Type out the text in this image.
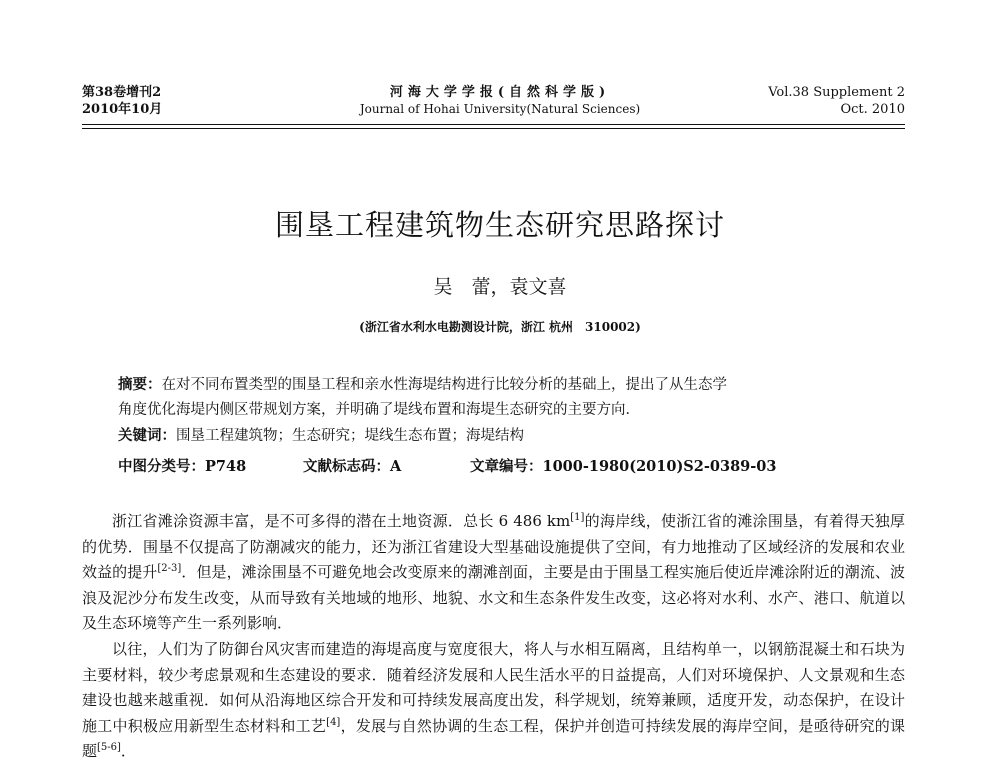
第38卷增刊2
2010年10月
河海大学学报(自然科学版)
Journal of Hohai University(Natural Sciences)
Vol.38 Supplement 2
Oct. 2010
围垦工程建筑物生态研究思路探讨
吴　蕾，袁文喜
(浙江省水利水电勘测设计院，浙江 杭州　310002)

摘要：在对不同布置类型的围垦工程和亲水性海堤结构进行比较分析的基础上，提出了从生态学

角度优化海堤内侧区带规划方案，并明确了堤线布置和海堤生态研究的主要方向．

关键词：围垦工程建筑物；生态研究；堤线生态布置；海堤结构

中图分类号：P748	文献标志码：A	文章编号：1000-1980(2010)S2-0389-03

浙江省滩涂资源丰富，是不可多得的潜在土地资源．总长 6 486 km[1]的海岸线，使浙江省的滩涂围垦，有着得天独厚的优势．围垦不仅提高了防潮减灾的能力，还为浙江省建设大型基础设施提供了空间，有力地推动了区域经济的发展和农业效益的提升[2-3]．但是，滩涂围垦不可避免地会改变原来的潮滩剖面，主要是由于围垦工程实施后使近岸滩涂附近的潮流、波浪及泥沙分布发生改变，从而导致有关地域的地形、地貌、水文和生态条件发生改变，这必将对水利、水产、港口、航道以及生态环境等产生一系列影响．

以往，人们为了防御台风灾害而建造的海堤高度与宽度很大，将人与水相互隔离，且结构单一，以钢筋混凝土和石块为主要材料，较少考虑景观和生态建设的要求．随着经济发展和人民生活水平的日益提高，人们对环境保护、人文景观和生态建设也越来越重视．如何从沿海地区综合开发和可持续发展高度出发，科学规划，统筹兼顾，适度开发，动态保护，在设计施工中积极应用新型生态材料和工艺[4]，发展与自然协调的生态工程，保护并创造可持续发展的海岸空间，是亟待研究的课题[5-6]．
